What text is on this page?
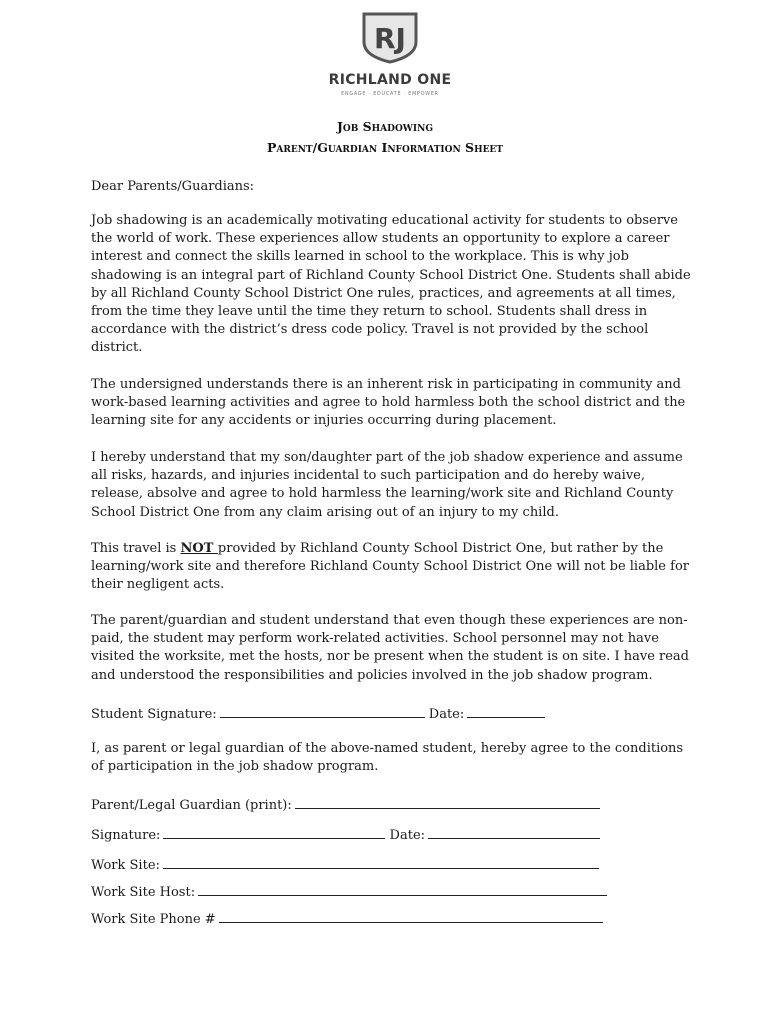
RJ
RICHLAND ONE
ENGAGE · EDUCATE · EMPOWER
Job Shadowing
Parent/Guardian Information Sheet

Dear Parents/Guardians:

Job shadowing is an academically motivating educational activity for students to observe the world of work. These experiences allow students an opportunity to explore a career interest and connect the skills learned in school to the workplace. This is why job shadowing is an integral part of Richland County School District One. Students shall abide by all Richland County School District One rules, practices, and agreements at all times, from the time they leave until the time they return to school. Students shall dress in accordance with the district’s dress code policy. Travel is not provided by the school district.

The undersigned understands there is an inherent risk in participating in community and work-based learning activities and agree to hold harmless both the school district and the learning site for any accidents or injuries occurring during placement.

I hereby understand that my son/daughter part of the job shadow experience and assume all risks, hazards, and injuries incidental to such participation and do hereby waive, release, absolve and agree to hold harmless the learning/work site and Richland County School District One from any claim arising out of an injury to my child.

This travel is NOT provided by Richland County School District One, but rather by the learning/work site and therefore Richland County School District One will not be liable for their negligent acts.

The parent/guardian and student understand that even though these experiences are non-paid, the student may perform work-related activities. School personnel may not have visited the worksite, met the hosts, nor be present when the student is on site. I have read and understood the responsibilities and policies involved in the job shadow program.

Student Signature:	Date:

I, as parent or legal guardian of the above-named student, hereby agree to the conditions of participation in the job shadow program.

Parent/Legal Guardian (print):
Signature:	Date:
Work Site:
Work Site Host:
Work Site Phone #
